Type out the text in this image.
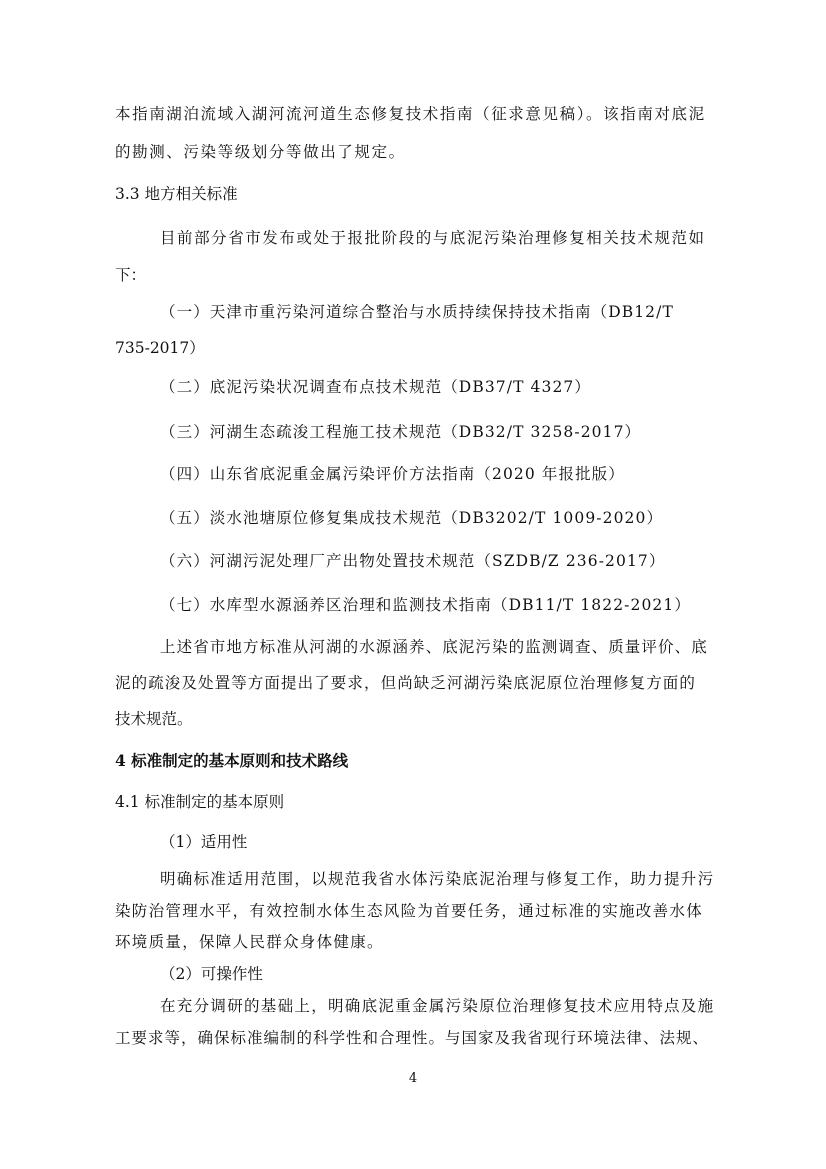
本指南湖泊流域入湖河流河道生态修复技术指南（征求意见稿）。该指南对底泥
的勘测、污染等级划分等做出了规定。
3.3 地方相关标准
目前部分省市发布或处于报批阶段的与底泥污染治理修复相关技术规范如
下：
（一）天津市重污染河道综合整治与水质持续保持技术指南（DB12/T
735-2017）
（二）底泥污染状况调查布点技术规范（DB37/T 4327）
（三）河湖生态疏浚工程施工技术规范（DB32/T 3258-2017）
（四）山东省底泥重金属污染评价方法指南（2020 年报批版）
（五）淡水池塘原位修复集成技术规范（DB3202/T 1009-2020）
（六）河湖污泥处理厂产出物处置技术规范（SZDB/Z 236-2017）
（七）水库型水源涵养区治理和监测技术指南（DB11/T 1822-2021）
上述省市地方标准从河湖的水源涵养、底泥污染的监测调查、质量评价、底
泥的疏浚及处置等方面提出了要求，但尚缺乏河湖污染底泥原位治理修复方面的
技术规范。
4 标准制定的基本原则和技术路线
4.1 标准制定的基本原则
（1）适用性
明确标准适用范围，以规范我省水体污染底泥治理与修复工作，助力提升污
染防治管理水平，有效控制水体生态风险为首要任务，通过标准的实施改善水体
环境质量，保障人民群众身体健康。
（2）可操作性
在充分调研的基础上，明确底泥重金属污染原位治理修复技术应用特点及施
工要求等，确保标准编制的科学性和合理性。与国家及我省现行环境法律、法规、
4
